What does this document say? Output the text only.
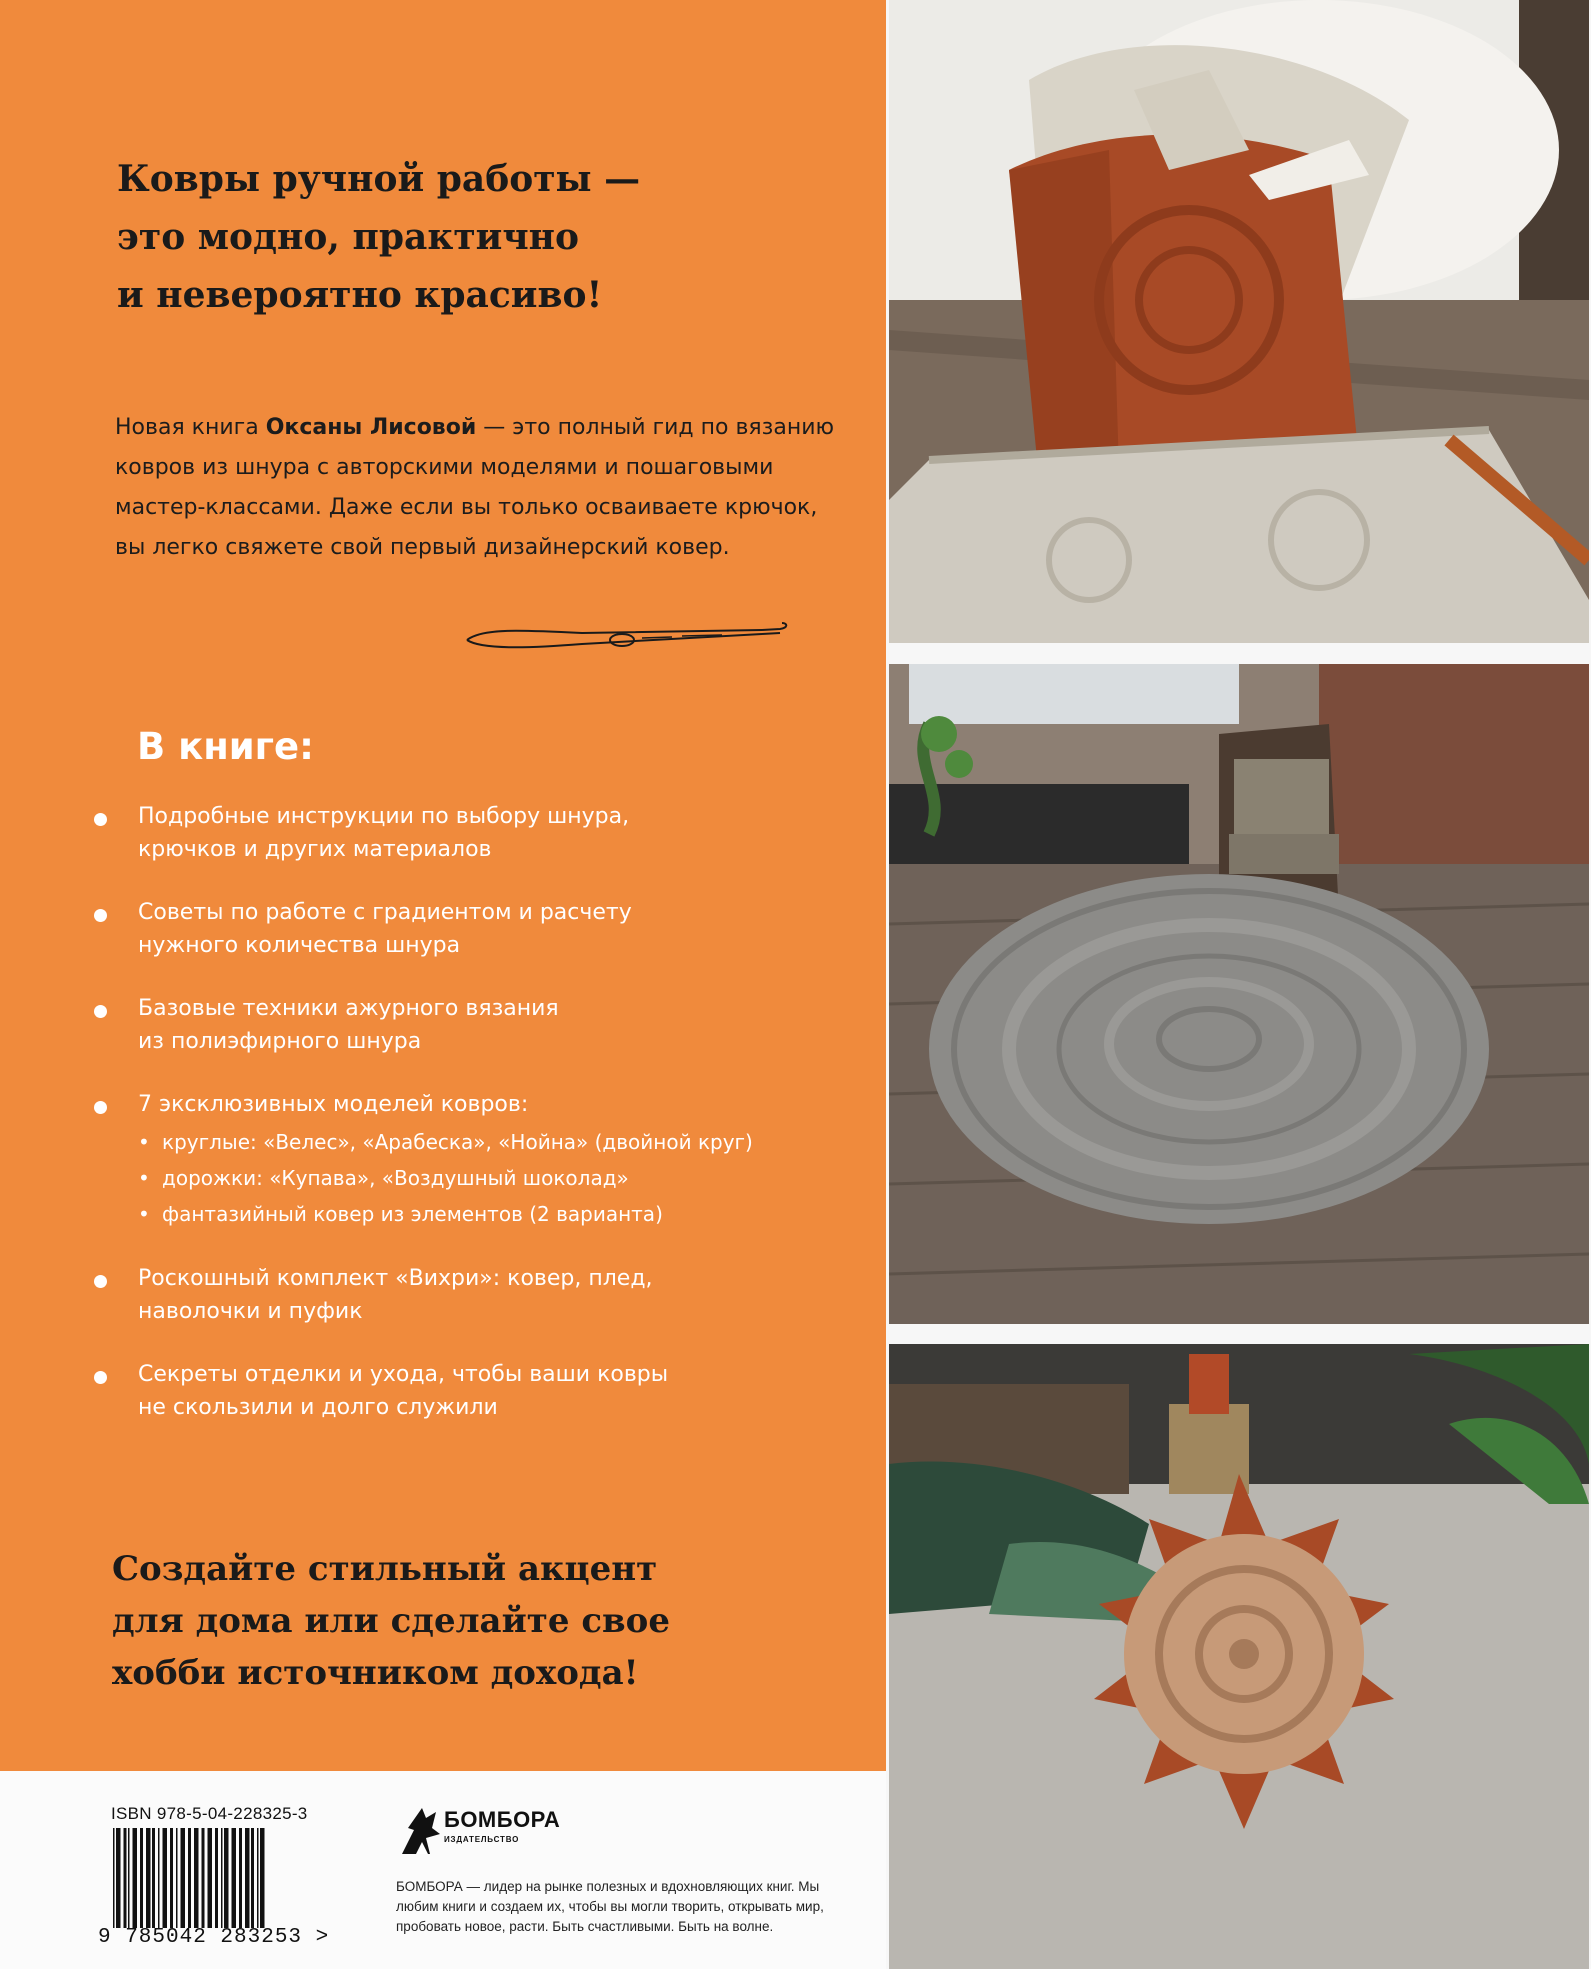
Ковры ручной работы —
это модно, практично
и невероятно красиво!
Новая книга Оксаны Лисовой — это полный гид по вязанию ковров из шнура с авторскими моделями и пошаговыми мастер-классами. Даже если вы только осваиваете крючок, вы легко свяжете свой первый дизайнерский ковер.
В книге:
Подробные инструкции по выбору шнура,
крючков и других материалов
Советы по работе с градиентом и расчету
нужного количества шнура
Базовые техники ажурного вязания
из полиэфирного шнура
7 эксклюзивных моделей ковров:
• круглые: «Велес», «Арабеска», «Нойна» (двойной круг)
• дорожки: «Купава», «Воздушный шоколад»
• фантазийный ковер из элементов (2 варианта)
Роскошный комплект «Вихри»: ковер, плед,
наволочки и пуфик
Секреты отделки и ухода, чтобы ваши ковры
не скользили и долго служили
Создайте стильный акцент
для дома или сделайте свое
хобби источником дохода!
ISBN 978-5-04-228325-3
9 785042 283253 >
БОМБОРА
ИЗДАТЕЛЬСТВО
БОМБОРА — лидер на рынке полезных и вдохновляющих книг. Мы любим книги и создаем их, чтобы вы могли творить, открывать мир, пробовать новое, расти. Быть счастливыми. Быть на волне.
